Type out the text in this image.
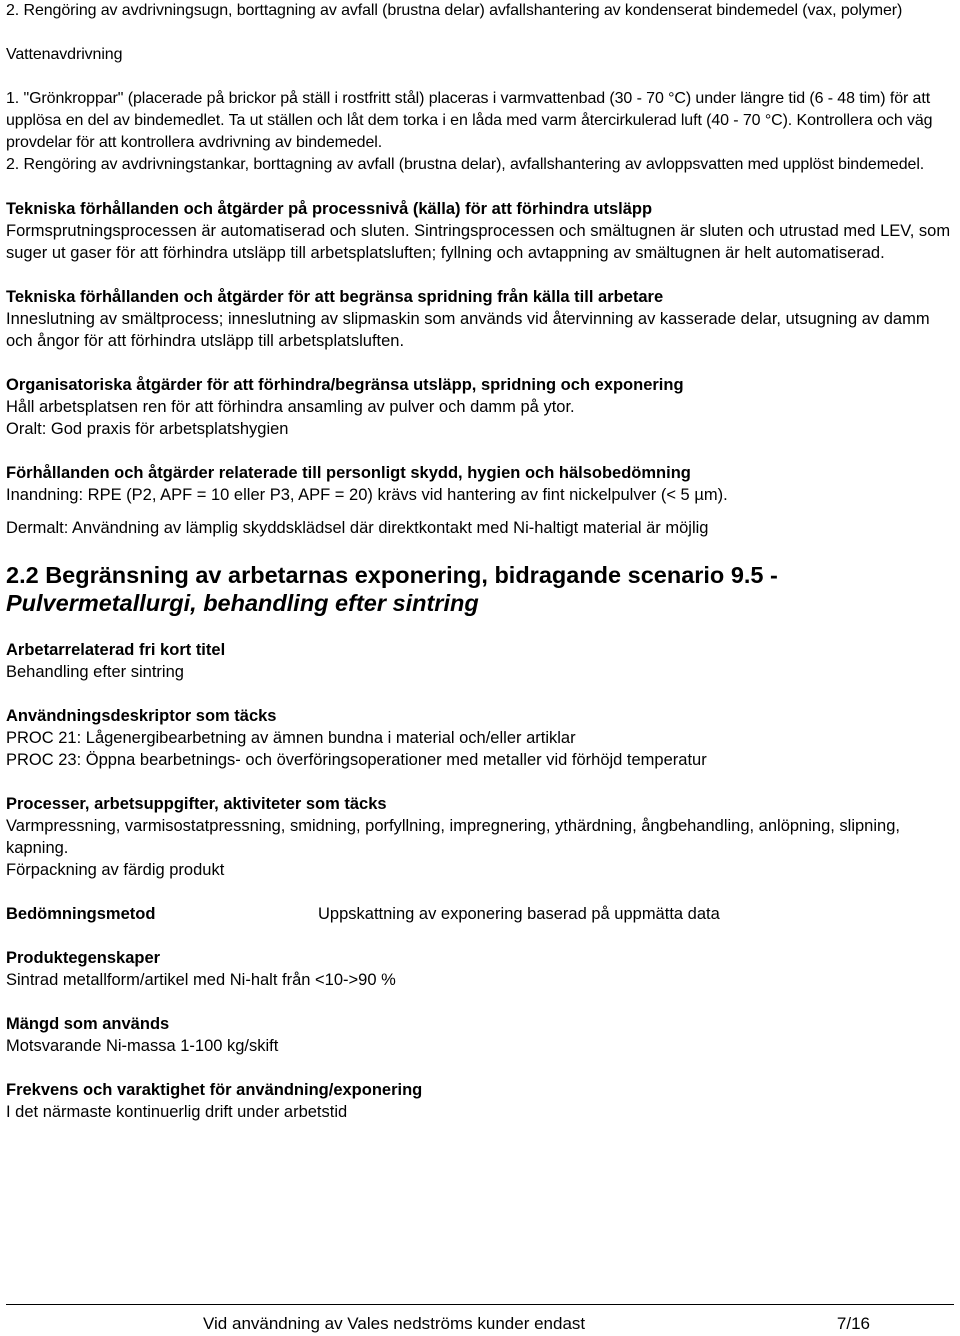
2. Rengöring av avdrivningsugn, borttagning av avfall (brustna delar) avfallshantering av kondenserat bindemedel (vax, polymer)

Vattenavdrivning

1. "Grönkroppar" (placerade på brickor på ställ i rostfritt stål) placeras i varmvattenbad (30 - 70 °C) under längre tid (6 - 48 tim) för att upplösa en del av bindemedlet. Ta ut ställen och låt dem torka i en låda med varm återcirkulerad luft (40 - 70 °C). Kontrollera och väg provdelar för att kontrollera avdrivning av bindemedel.

2. Rengöring av avdrivningstankar, borttagning av avfall (brustna delar), avfallshantering av avloppsvatten med upplöst bindemedel.

Tekniska förhållanden och åtgärder på processnivå (källa) för att förhindra utsläpp

Formsprutningsprocessen är automatiserad och sluten. Sintringsprocessen och smältugnen är sluten och utrustad med LEV, som suger ut gaser för att förhindra utsläpp till arbetsplatsluften; fyllning och avtappning av smältugnen är helt automatiserad.

Tekniska förhållanden och åtgärder för att begränsa spridning från källa till arbetare

Inneslutning av smältprocess; inneslutning av slipmaskin som används vid återvinning av kasserade delar, utsugning av damm och ångor för att förhindra utsläpp till arbetsplatsluften.

Organisatoriska åtgärder för att förhindra/begränsa utsläpp, spridning och exponering

Håll arbetsplatsen ren för att förhindra ansamling av pulver och damm på ytor.

Oralt: God praxis för arbetsplatshygien

Förhållanden och åtgärder relaterade till personligt skydd, hygien och hälsobedömning

Inandning: RPE (P2, APF = 10 eller P3, APF = 20) krävs vid hantering av fint nickelpulver (< 5 µm).

Dermalt: Användning av lämplig skyddsklädsel där direktkontakt med Ni-haltigt material är möjlig

2.2 Begränsning av arbetarnas exponering, bidragande scenario 9.5 -
Pulvermetallurgi, behandling efter sintring

Arbetarrelaterad fri kort titel

Behandling efter sintring

Användningsdeskriptor som täcks

PROC 21: Lågenergibearbetning av ämnen bundna i material och/eller artiklar

PROC 23: Öppna bearbetnings- och överföringsoperationer med metaller vid förhöjd temperatur

Processer, arbetsuppgifter, aktiviteter som täcks

Varmpressning, varmisostatpressning, smidning, porfyllning, impregnering, ythärdning, ångbehandling, anlöpning, slipning, kapning.

Förpackning av färdig produkt

Bedömningsmetod	Uppskattning av exponering baserad på uppmätta data

Produktegenskaper

Sintrad metallform/artikel med Ni-halt från <10->90 %

Mängd som används

Motsvarande Ni-massa 1-100 kg/skift

Frekvens och varaktighet för användning/exponering

I det närmaste kontinuerlig drift under arbetstid

Vid användning av Vales nedströms kunder endast	7/16
